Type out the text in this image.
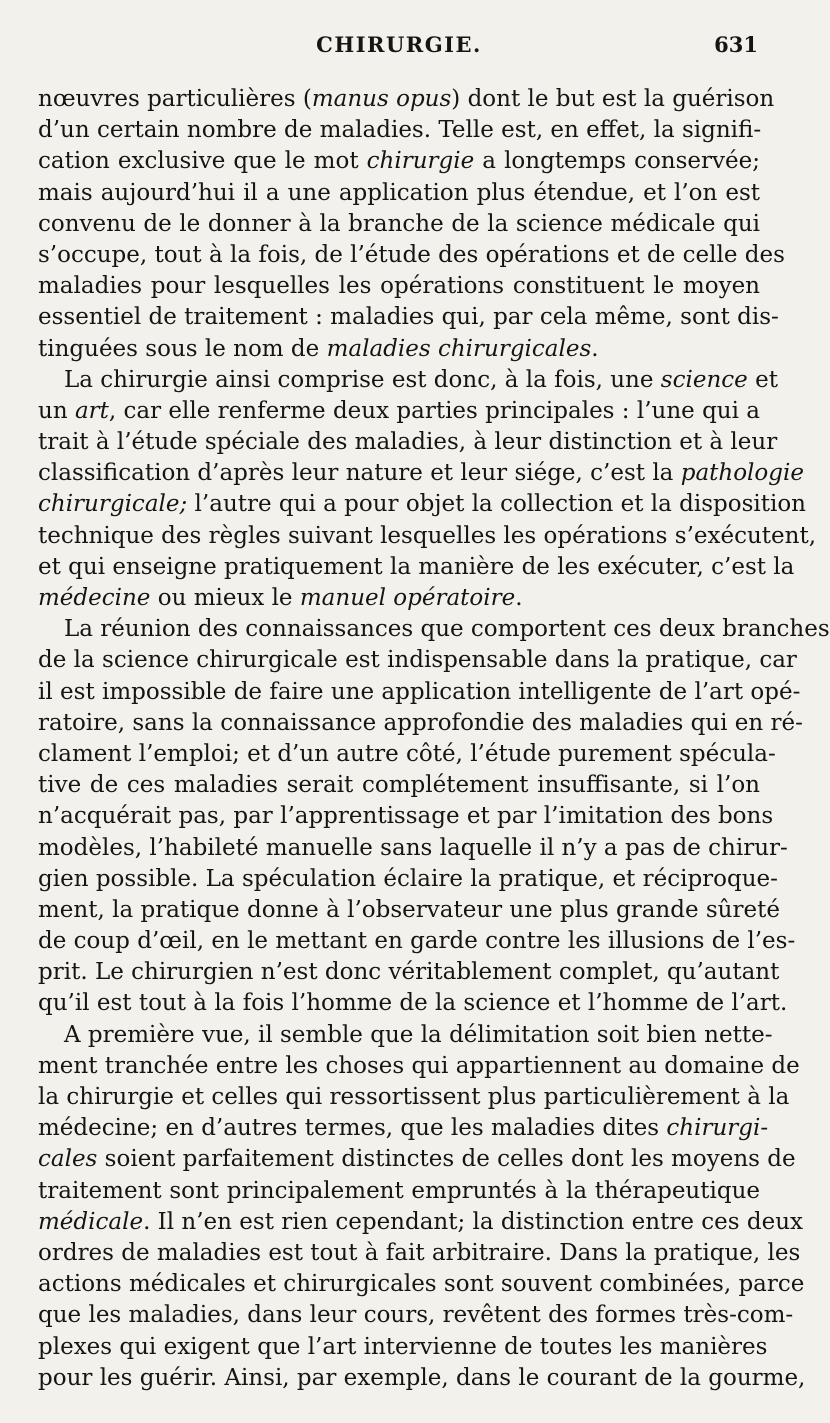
CHIRURGIE.	631
nœuvres particulières (manus opus) dont le but est la guérison
d’un certain nombre de maladies. Telle est, en effet, la signifi-
cation exclusive que le mot chirurgie a longtemps conservée;
mais aujourd’hui il a une application plus étendue, et l’on est
convenu de le donner à la branche de la science médicale qui
s’occupe, tout à la fois, de l’étude des opérations et de celle des
maladies pour lesquelles les opérations constituent le moyen
essentiel de traitement : maladies qui, par cela même, sont dis-
tinguées sous le nom de maladies chirurgicales.
La chirurgie ainsi comprise est donc, à la fois, une science et
un art, car elle renferme deux parties principales : l’une qui a
trait à l’étude spéciale des maladies, à leur distinction et à leur
classification d’après leur nature et leur siége, c’est la pathologie
chirurgicale; l’autre qui a pour objet la collection et la disposition
technique des règles suivant lesquelles les opérations s’exécutent,
et qui enseigne pratiquement la manière de les exécuter, c’est la
médecine ou mieux le manuel opératoire.
La réunion des connaissances que comportent ces deux branches
de la science chirurgicale est indispensable dans la pratique, car
il est impossible de faire une application intelligente de l’art opé-
ratoire, sans la connaissance approfondie des maladies qui en ré-
clament l’emploi; et d’un autre côté, l’étude purement spécula-
tive de ces maladies serait complétement insuffisante, si l’on
n’acquérait pas, par l’apprentissage et par l’imitation des bons
modèles, l’habileté manuelle sans laquelle il n’y a pas de chirur-
gien possible. La spéculation éclaire la pratique, et réciproque-
ment, la pratique donne à l’observateur une plus grande sûreté
de coup d’œil, en le mettant en garde contre les illusions de l’es-
prit. Le chirurgien n’est donc véritablement complet, qu’autant
qu’il est tout à la fois l’homme de la science et l’homme de l’art.
A première vue, il semble que la délimitation soit bien nette-
ment tranchée entre les choses qui appartiennent au domaine de
la chirurgie et celles qui ressortissent plus particulièrement à la
médecine; en d’autres termes, que les maladies dites chirurgi-
cales soient parfaitement distinctes de celles dont les moyens de
traitement sont principalement empruntés à la thérapeutique
médicale. Il n’en est rien cependant; la distinction entre ces deux
ordres de maladies est tout à fait arbitraire. Dans la pratique, les
actions médicales et chirurgicales sont souvent combinées, parce
que les maladies, dans leur cours, revêtent des formes très-com-
plexes qui exigent que l’art intervienne de toutes les manières
pour les guérir. Ainsi, par exemple, dans le courant de la gourme,
